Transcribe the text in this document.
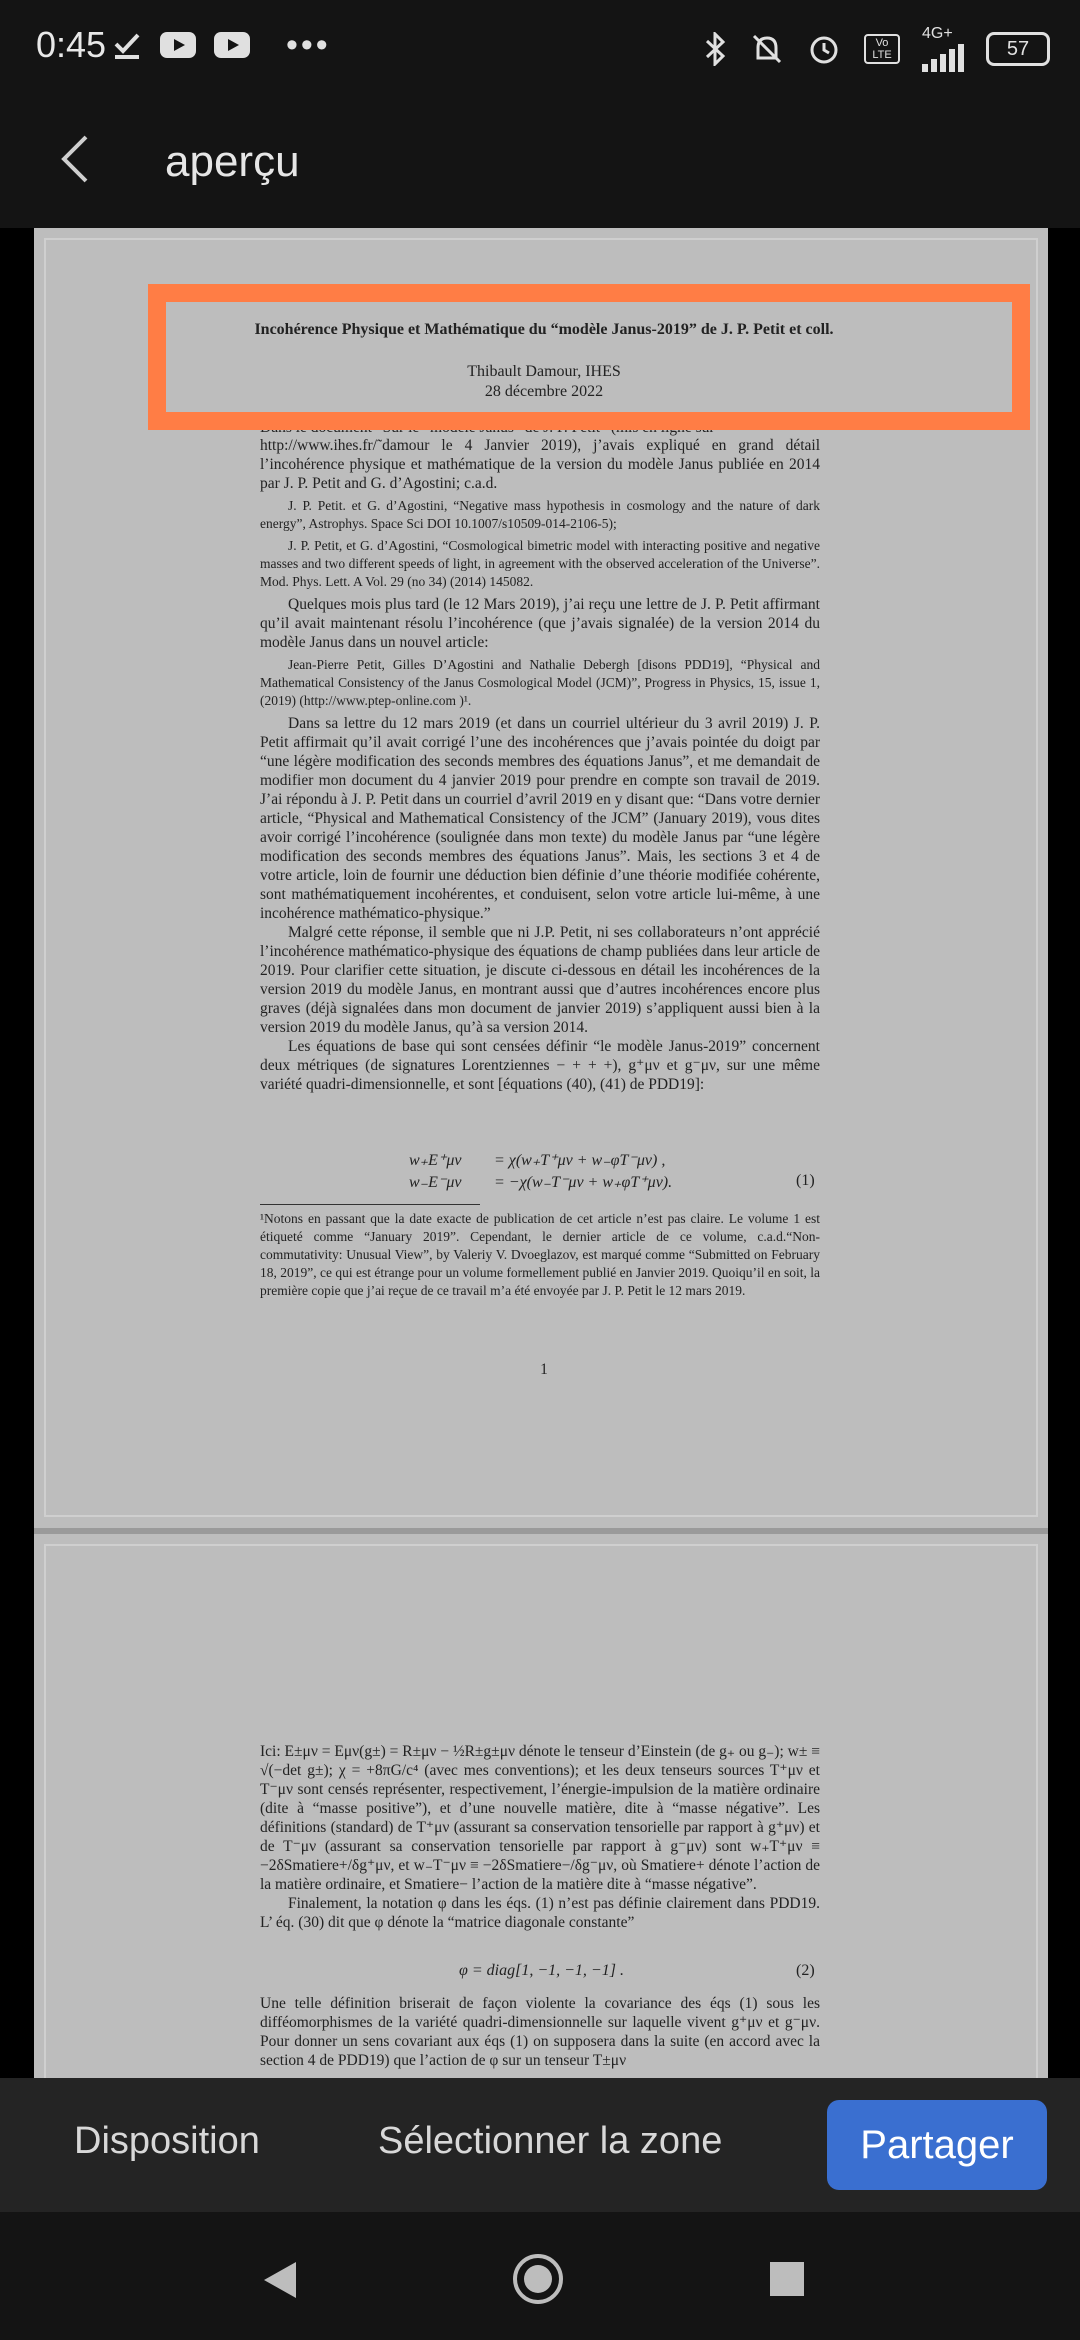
0:45	•••	Vo LTE
4G+
57
aperçu
Incohérence Physique et Mathématique du “modèle Janus-2019” de J. P. Petit et coll.
Thibault Damour, IHES
28 décembre 2022
Dans le document “Sur le “modèle Janus” de J. P. Petit” (mis en ligne sur

http://www.ihes.fr/˜damour le 4 Janvier 2019), j’avais expliqué en grand détail l’incohérence physique et mathématique de la version du modèle Janus publiée en 2014 par J. P. Petit and G. d’Agostini; c.a.d.

J. P. Petit. et G. d’Agostini, “Negative mass hypothesis in cosmology and the nature of dark energy”, Astrophys. Space Sci DOI 10.1007/s10509-014-2106-5);

J. P. Petit, et G. d’Agostini, “Cosmological bimetric model with interacting positive and negative masses and two different speeds of light, in agreement with the observed acceleration of the Universe”. Mod. Phys. Lett. A Vol. 29 (no 34) (2014) 145082.

Quelques mois plus tard (le 12 Mars 2019), j’ai reçu une lettre de J. P. Petit affirmant qu’il avait maintenant résolu l’incohérence (que j’avais signalée) de la version 2014 du modèle Janus dans un nouvel article:

Jean-Pierre Petit, Gilles D’Agostini and Nathalie Debergh [disons PDD19], “Physical and Mathematical Consistency of the Janus Cosmological Model (JCM)”, Progress in Physics, 15, issue 1, (2019) (http://www.ptep-online.com )¹.

Dans sa lettre du 12 mars 2019 (et dans un courriel ultérieur du 3 avril 2019) J. P. Petit affirmait qu’il avait corrigé l’une des incohérences que j’avais pointée du doigt par “une légère modification des seconds membres des équations Janus”, et me demandait de modifier mon document du 4 janvier 2019 pour prendre en compte son travail de 2019. J’ai répondu à J. P. Petit dans un courriel d’avril 2019 en y disant que: “Dans votre dernier article, “Physical and Mathematical Consistency of the JCM” (January 2019), vous dites avoir corrigé l’incohérence (soulignée dans mon texte) du modèle Janus par “une légère modification des seconds membres des équations Janus”. Mais, les sections 3 et 4 de votre article, loin de fournir une déduction bien définie d’une théorie modifiée cohérente, sont mathématiquement incohérentes, et conduisent, selon votre article lui-même, à une incohérence mathématico-physique.”

Malgré cette réponse, il semble que ni J.P. Petit, ni ses collaborateurs n’ont apprécié l’incohérence mathématico-physique des équations de champ publiées dans leur article de 2019. Pour clarifier cette situation, je discute ci-dessous en détail les incohérences de la version 2019 du modèle Janus, en montrant aussi que d’autres incohérences encore plus graves (déjà signalées dans mon document de janvier 2019) s’appliquent aussi bien à la version 2019 du modèle Janus, qu’à sa version 2014.

Les équations de base qui sont censées définir “le modèle Janus-2019” concernent deux métriques (de signatures Lorentziennes − + + +), g⁺μν et g⁻μν, sur une même variété quadri-dimensionnelle, et sont [équations (40), (41) de PDD19]:

w₊E⁺μν = χ(w₊T⁺μν + w₋φT⁻μν) ,
w₋E⁻μν = −χ(w₋T⁻μν + w₊φT⁺μν).	(1)

¹Notons en passant que la date exacte de publication de cet article n’est pas claire. Le volume 1 est étiqueté comme “January 2019”. Cependant, le dernier article de ce volume, c.a.d.“Non-commutativity: Unusual View”, by Valeriy V. Dvoeglazov, est marqué comme “Submitted on February 18, 2019”, ce qui est étrange pour un volume formellement publié en Janvier 2019. Quoiqu’il en soit, la première copie que j’ai reçue de ce travail m’a été envoyée par J. P. Petit le 12 mars 2019.

1

Ici: E±μν = Eμν(g±) = R±μν − ½R±g±μν dénote le tenseur d’Einstein (de g₊ ou g₋); w± ≡ √(−det g±); χ = +8πG/c⁴ (avec mes conventions); et les deux tenseurs sources T⁺μν et T⁻μν sont censés représenter, respectivement, l’énergie-impulsion de la matière ordinaire (dite à “masse positive”), et d’une nouvelle matière, dite à “masse négative”. Les définitions (standard) de T⁺μν (assurant sa conservation tensorielle par rapport à g⁺μν) et de T⁻μν (assurant sa conservation tensorielle par rapport à g⁻μν) sont w₊T⁺μν ≡ −2δSmatiere+/δg⁺μν, et w₋T⁻μν ≡ −2δSmatiere−/δg⁻μν, où Smatiere+ dénote l’action de la matière ordinaire, et Smatiere− l’action de la matière dite à “masse négative”.

Finalement, la notation φ dans les éqs. (1) n’est pas définie clairement dans PDD19. L’ éq. (30) dit que φ dénote la “matrice diagonale constante”

φ = diag[1, −1, −1, −1] .	(2)

Une telle définition briserait de façon violente la covariance des éqs (1) sous les difféomorphismes de la variété quadri-dimensionnelle sur laquelle vivent g⁺μν et g⁻μν. Pour donner un sens covariant aux éqs (1) on supposera dans la suite (en accord avec la section 4 de PDD19) que l’action de φ sur un tenseur T±μν

Disposition	Sélectionner la zone	Partager
